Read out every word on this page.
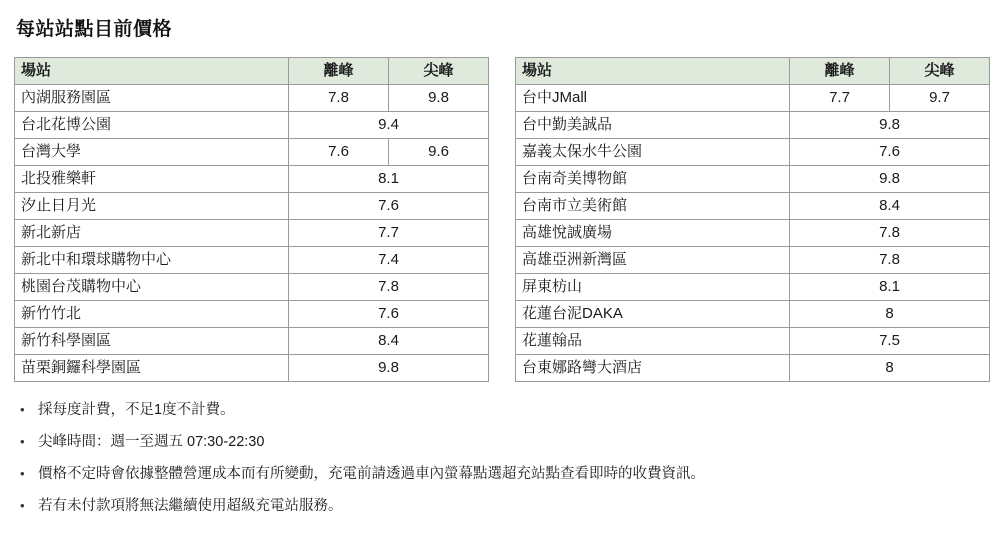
每站站點目前價格
場站	離峰	尖峰
內湖服務園區	7.8	9.8
台北花博公園	9.4	
台灣大學	7.6	9.6
北投雅樂軒	8.1	
汐止日月光	7.6	
新北新店	7.7	
新北中和環球購物中心	7.4	
桃園台茂購物中心	7.8	
新竹竹北	7.6	
新竹科學園區	8.4	
苗栗銅鑼科學園區	9.8	
場站	離峰	尖峰
台中JMall	7.7	9.7
台中勤美誠品	9.8	
嘉義太保水牛公園	7.6	
台南奇美博物館	9.8	
台南市立美術館	8.4	
高雄悅誠廣場	7.8	
高雄亞洲新灣區	7.8	
屏東枋山	8.1	
花蓮台泥DAKA	8	
花蓮翰品	7.5	
台東娜路彎大酒店	8	
• 採每度計費，不足1度不計費。
• 尖峰時間：週一至週五 07:30-22:30
• 價格不定時會依據整體營運成本而有所變動，充電前請透過車內螢幕點選超充站點查看即時的收費資訊。
• 若有未付款項將無法繼續使用超級充電站服務。
